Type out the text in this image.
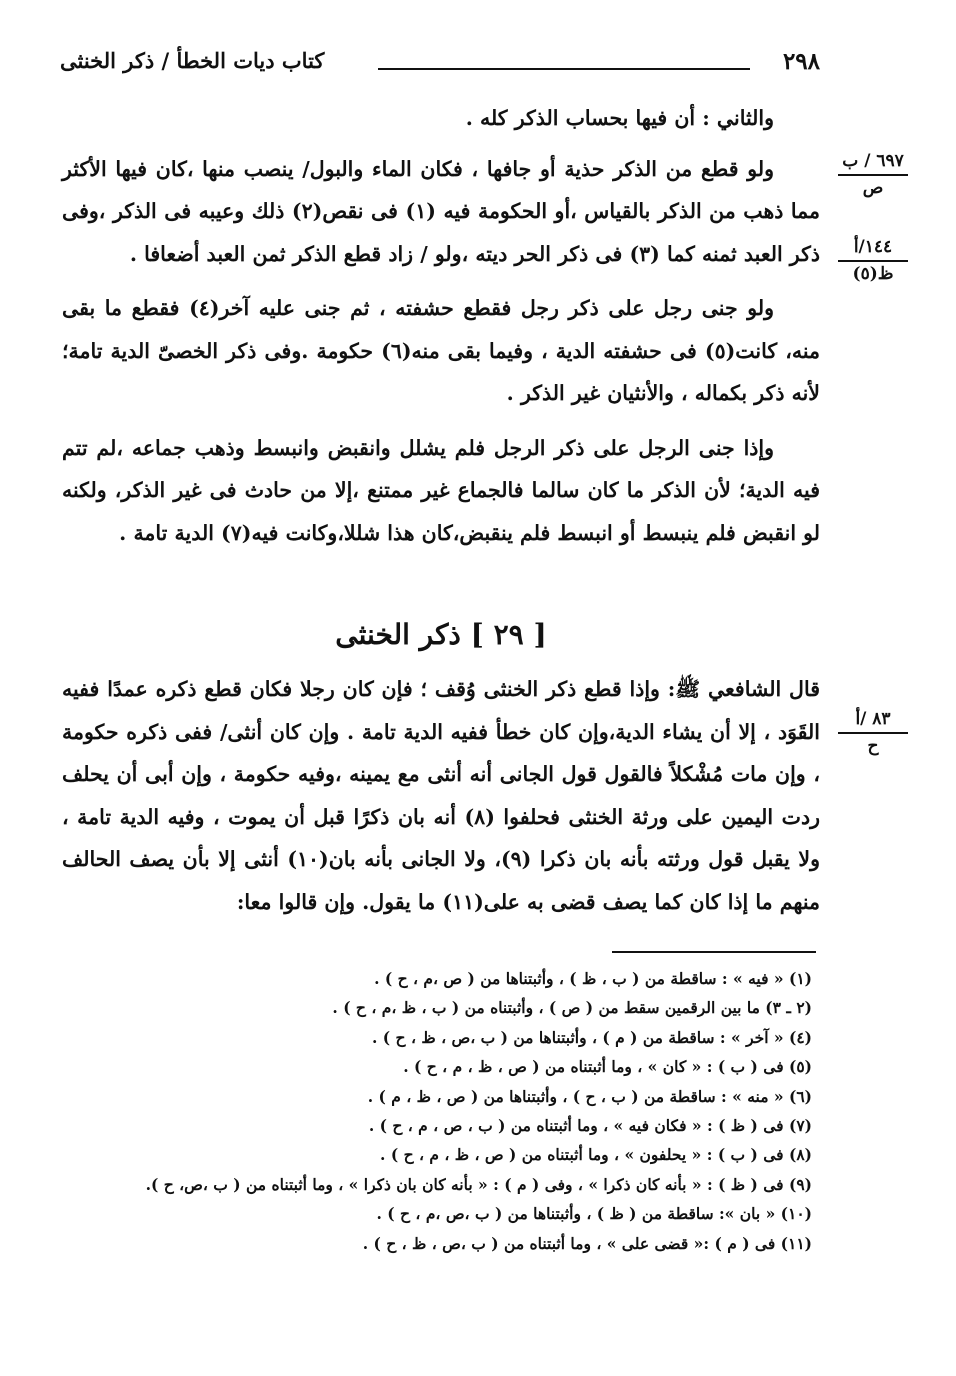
٢٩٨
كتاب ديات الخطأ / ذكر الخنثى
٦٩٧ / ب
ص
١٤٤/أ
ظ(٥)
٨٣ /أ
ح

والثاني : أن فيها بحساب الذكر كله .

ولو قطع من الذكر حذية أو جافها ، فكان الماء والبول/ ينصب منها ،كان فيها الأكثر مما ذهب من الذكر بالقياس ،أو الحكومة فيه (١) فى نقص(٢) ذلك وعيبه فى الذكر ،وفى ذكر العبد ثمنه كما (٣) فى ذكر الحر ديته ،ولو / زاد قطع الذكر ثمن العبد أضعافا .

ولو جنى رجل على ذكر رجل فقطع حشفته ، ثم جنى عليه آخر(٤) فقطع ما بقى منه، كانت(٥) فى حشفته الدية ، وفيما بقى منه(٦) حكومة .وفى ذكر الخصىّ الدية تامة؛ لأنه ذكر بكماله ، والأنثيان غير الذكر .

وإذا جنى الرجل على ذكر الرجل فلم يشلل وانقبض وانبسط وذهب جماعه ،لم تتم فيه الدية؛ لأن الذكر ما كان سالما فالجماع غير ممتنع ،إلا من حادث فى غير الذكر، ولكنه لو انقبض فلم ينبسط أو انبسط فلم ينقبض،كان هذا شللا،وكانت فيه(٧) الدية تامة .

[ ٢٩ ] ذكر الخنثى

قال الشافعي ﷺ: وإذا قطع ذكر الخنثى وُقف ؛ فإن كان رجلا فكان قطع ذكره عمدًا ففيه القَوَد ، إلا أن يشاء الدية،وإن كان خطأ ففيه الدية تامة . وإن كان أنثى/ ففى ذكره حكومة ، وإن مات مُشْكلاً فالقول قول الجانى أنه أنثى مع يمينه ،وفيه حكومة ، وإن أبى أن يحلف ردت اليمين على ورثة الخنثى فحلفوا (٨) أنه بان ذكرًا قبل أن يموت ، وفيه الدية تامة ، ولا يقبل قول ورثته بأنه بان ذكرا (٩)، ولا الجانى بأنه بان(١٠) أنثى إلا بأن يصف الحالف منهم ما إذا كان كما يصف قضى به على(١١) ما يقول. وإن قالوا معا:

(١) « فيه » : ساقطة من ( ب ، ظ ) ، وأثبتناها من ( ص ،م ، ح ) .
(٢ ـ ٣) ما بين الرقمين سقط من ( ص ) ، وأثبتناه من ( ب ، ظ ،م ، ح ) .
(٤) « آخر » : ساقطة من ( م ) ، وأثبتناها من ( ب ،ص ، ظ ، ح ) .
(٥) فى ( ب ) : « كان » ، وما أثبتناه من ( ص ، ظ ، م ، ح ) .
(٦) « منه » : ساقطة من ( ب ، ح ) ، وأثبتناها من ( ص ، ظ ، م ) .
(٧) فى ( ظ ) : « فكان فيه » ، وما أثبتناه من ( ب ، ص ، م ، ح ) .
(٨) فى ( ب ) : « يحلفون » ، وما أثبتناه من ( ص ، ظ ، م ، ح ) .
(٩) فى ( ظ ) : « بأنه كان ذكرا » ، وفى ( م ) : « بأنه كان بان ذكرا » ، وما أثبتناه من ( ب ،ص، ح ).
(١٠) « بان »: ساقطة من ( ظ ) ، وأثبتناها من ( ب ،ص ،م ، ح ) .
(١١) فى ( م ) :« قضى على » ، وما أثبتناه من ( ب ،ص ، ظ ، ح ) .
